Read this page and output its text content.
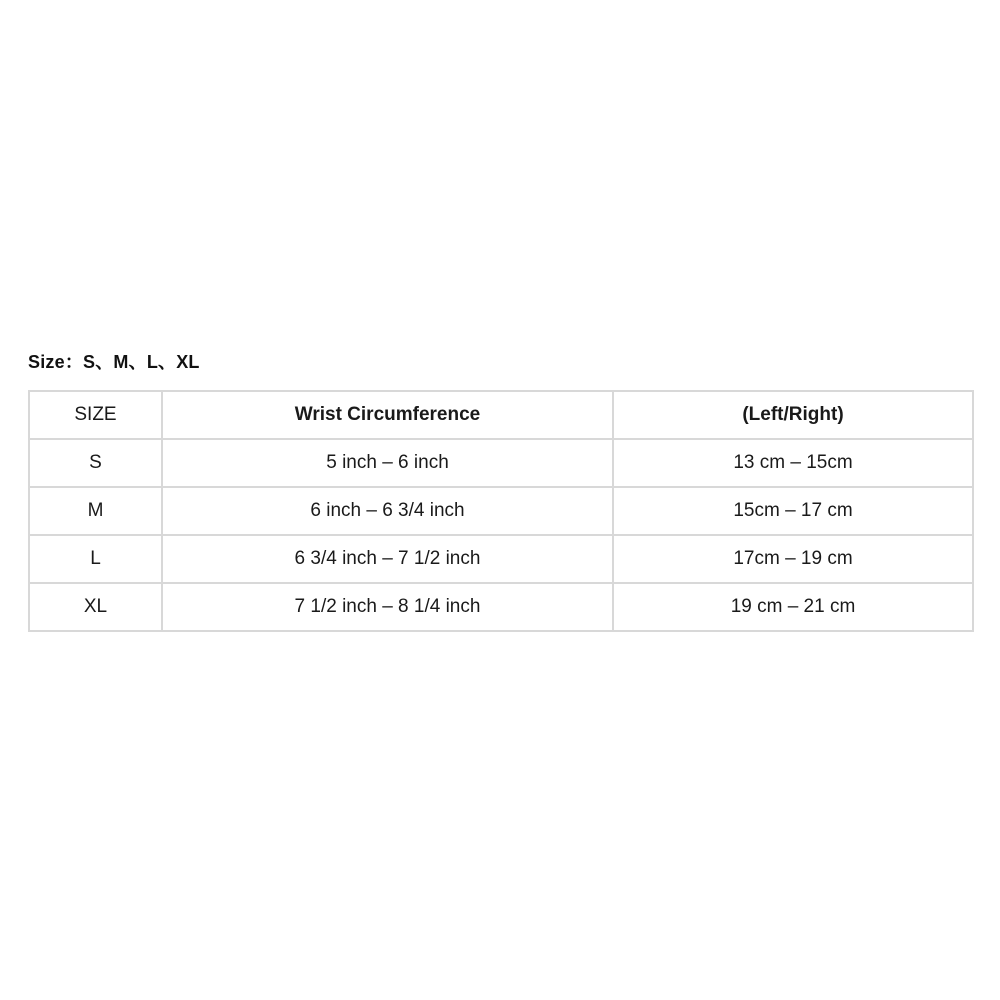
Size：S、M、L、XL
SIZE	Wrist Circumference	(Left/Right)
S	5 inch – 6 inch	13 cm – 15cm
M	6 inch – 6 3/4 inch	15cm – 17 cm
L	6 3/4 inch – 7 1/2 inch	17cm – 19 cm
XL	7 1/2 inch – 8 1/4 inch	19 cm – 21 cm
